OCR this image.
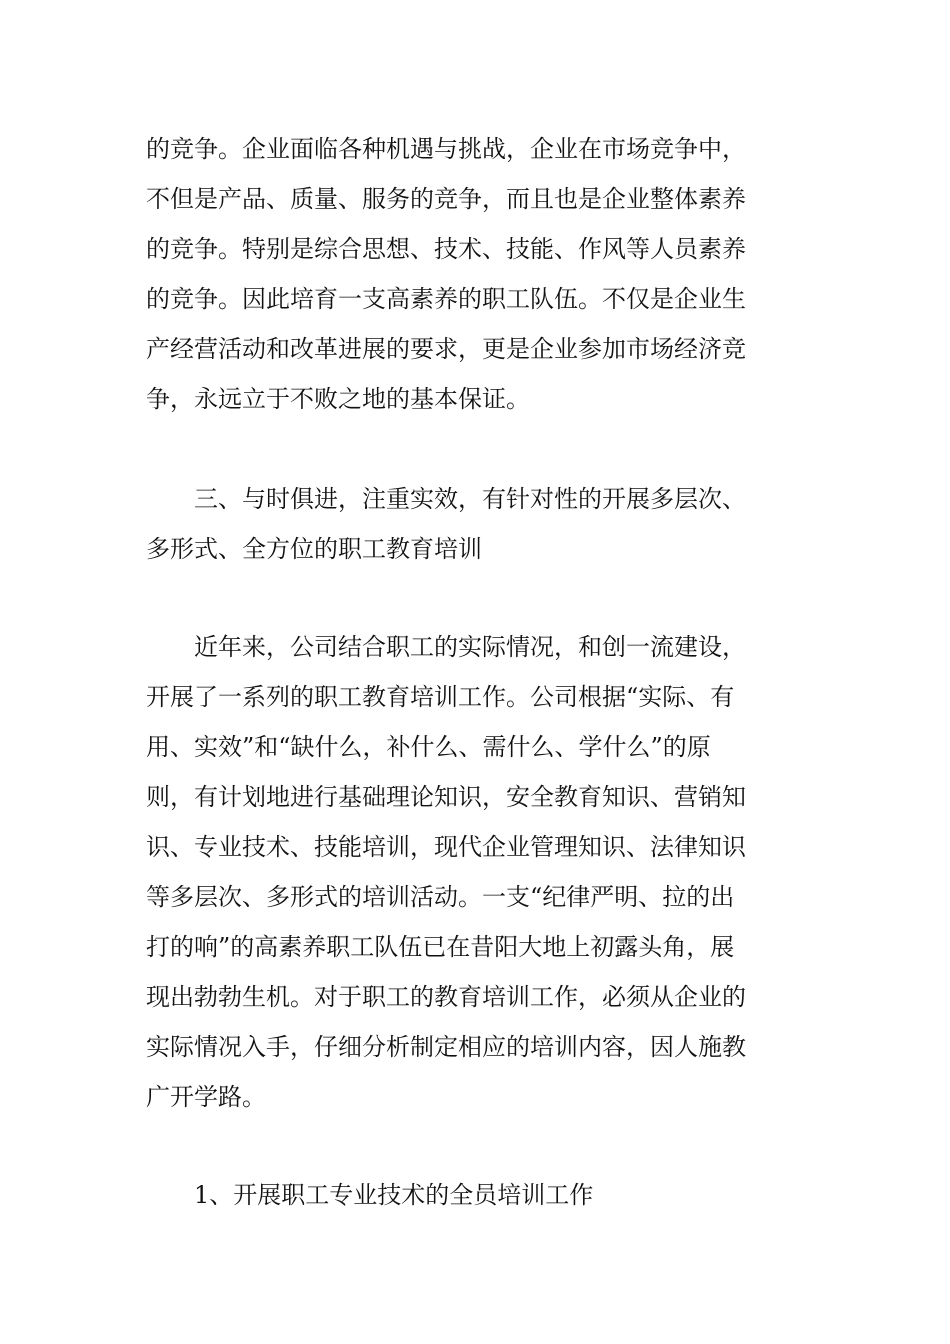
的竞争。企业面临各种机遇与挑战，企业在市场竞争中，
不但是产品、质量、服务的竞争，而且也是企业整体素养
的竞争。特别是综合思想、技术、技能、作风等人员素养
的竞争。因此培育一支高素养的职工队伍。不仅是企业生
产经营活动和改革进展的要求，更是企业参加市场经济竞
争，永远立于不败之地的基本保证。
三、与时俱进，注重实效，有针对性的开展多层次、
多形式、全方位的职工教育培训
近年来，公司结合职工的实际情况，和创一流建设，
开展了一系列的职工教育培训工作。公司根据“实际、有
用、实效”和“缺什么，补什么、需什么、学什么”的原
则，有计划地进行基础理论知识，安全教育知识、营销知
识、专业技术、技能培训，现代企业管理知识、法律知识
等多层次、多形式的培训活动。一支“纪律严明、拉的出
打的响”的高素养职工队伍已在昔阳大地上初露头角，展
现出勃勃生机。对于职工的教育培训工作，必须从企业的
实际情况入手，仔细分析制定相应的培训内容，因人施教
广开学路。
1、开展职工专业技术的全员培训工作
